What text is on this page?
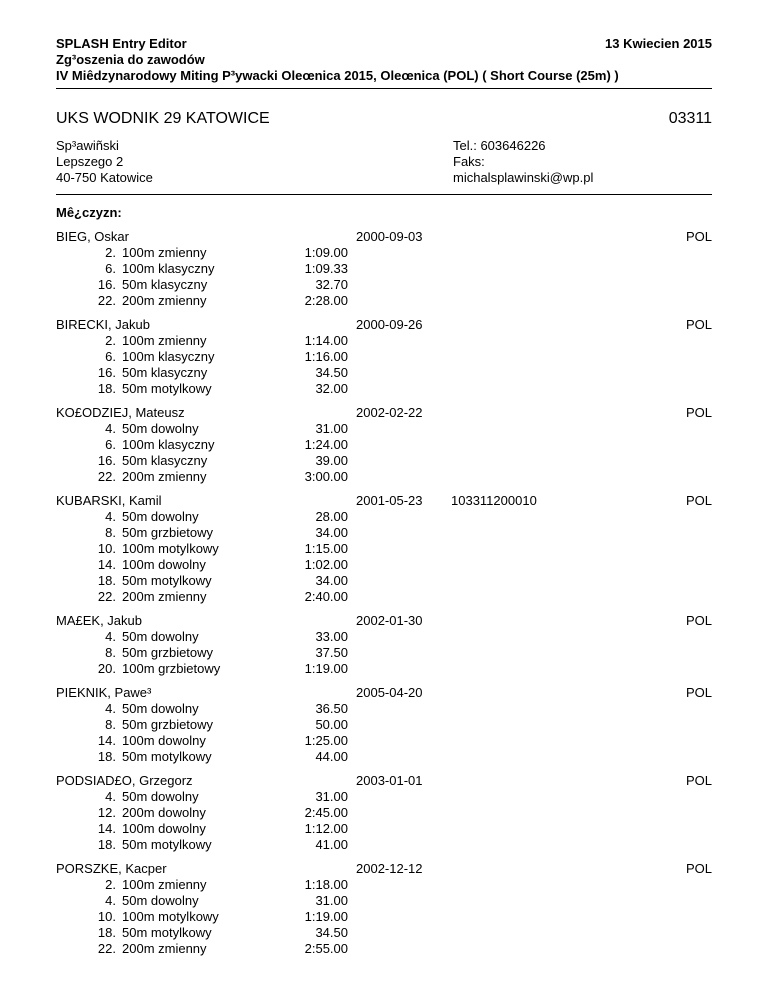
SPLASH Entry Editor	13 Kwiecien 2015
Zg³oszenia do zawodów
IV Miêdzynarodowy Miting P³ywacki Oleœnica 2015, Oleœnica (POL) ( Short Course (25m) )
UKS WODNIK 29 KATOWICE	03311
Sp³awiñski
Lepszego 2
40-750 Katowice
Tel.: 603646226
Faks:
michalsplawinski@wp.pl
Mê¿czyzn:
BIEG, Oskar	2000-09-03	POL
2. 100m zmienny	1:09.00
6. 100m klasyczny	1:09.33
16. 50m klasyczny	32.70
22. 200m zmienny	2:28.00
BIRECKI, Jakub	2000-09-26	POL
2. 100m zmienny	1:14.00
6. 100m klasyczny	1:16.00
16. 50m klasyczny	34.50
18. 50m motylkowy	32.00
KO£ODZIEJ, Mateusz	2002-02-22	POL
4. 50m dowolny	31.00
6. 100m klasyczny	1:24.00
16. 50m klasyczny	39.00
22. 200m zmienny	3:00.00
KUBARSKI, Kamil	2001-05-23 103311200010	POL
4. 50m dowolny	28.00
8. 50m grzbietowy	34.00
10. 100m motylkowy	1:15.00
14. 100m dowolny	1:02.00
18. 50m motylkowy	34.00
22. 200m zmienny	2:40.00
MA£EK, Jakub	2002-01-30	POL
4. 50m dowolny	33.00
8. 50m grzbietowy	37.50
20. 100m grzbietowy	1:19.00
PIEKNIK, Pawe³	2005-04-20	POL
4. 50m dowolny	36.50
8. 50m grzbietowy	50.00
14. 100m dowolny	1:25.00
18. 50m motylkowy	44.00
PODSIAD£O, Grzegorz	2003-01-01	POL
4. 50m dowolny	31.00
12. 200m dowolny	2:45.00
14. 100m dowolny	1:12.00
18. 50m motylkowy	41.00
PORSZKE, Kacper	2002-12-12	POL
2. 100m zmienny	1:18.00
4. 50m dowolny	31.00
10. 100m motylkowy	1:19.00
18. 50m motylkowy	34.50
22. 200m zmienny	2:55.00
